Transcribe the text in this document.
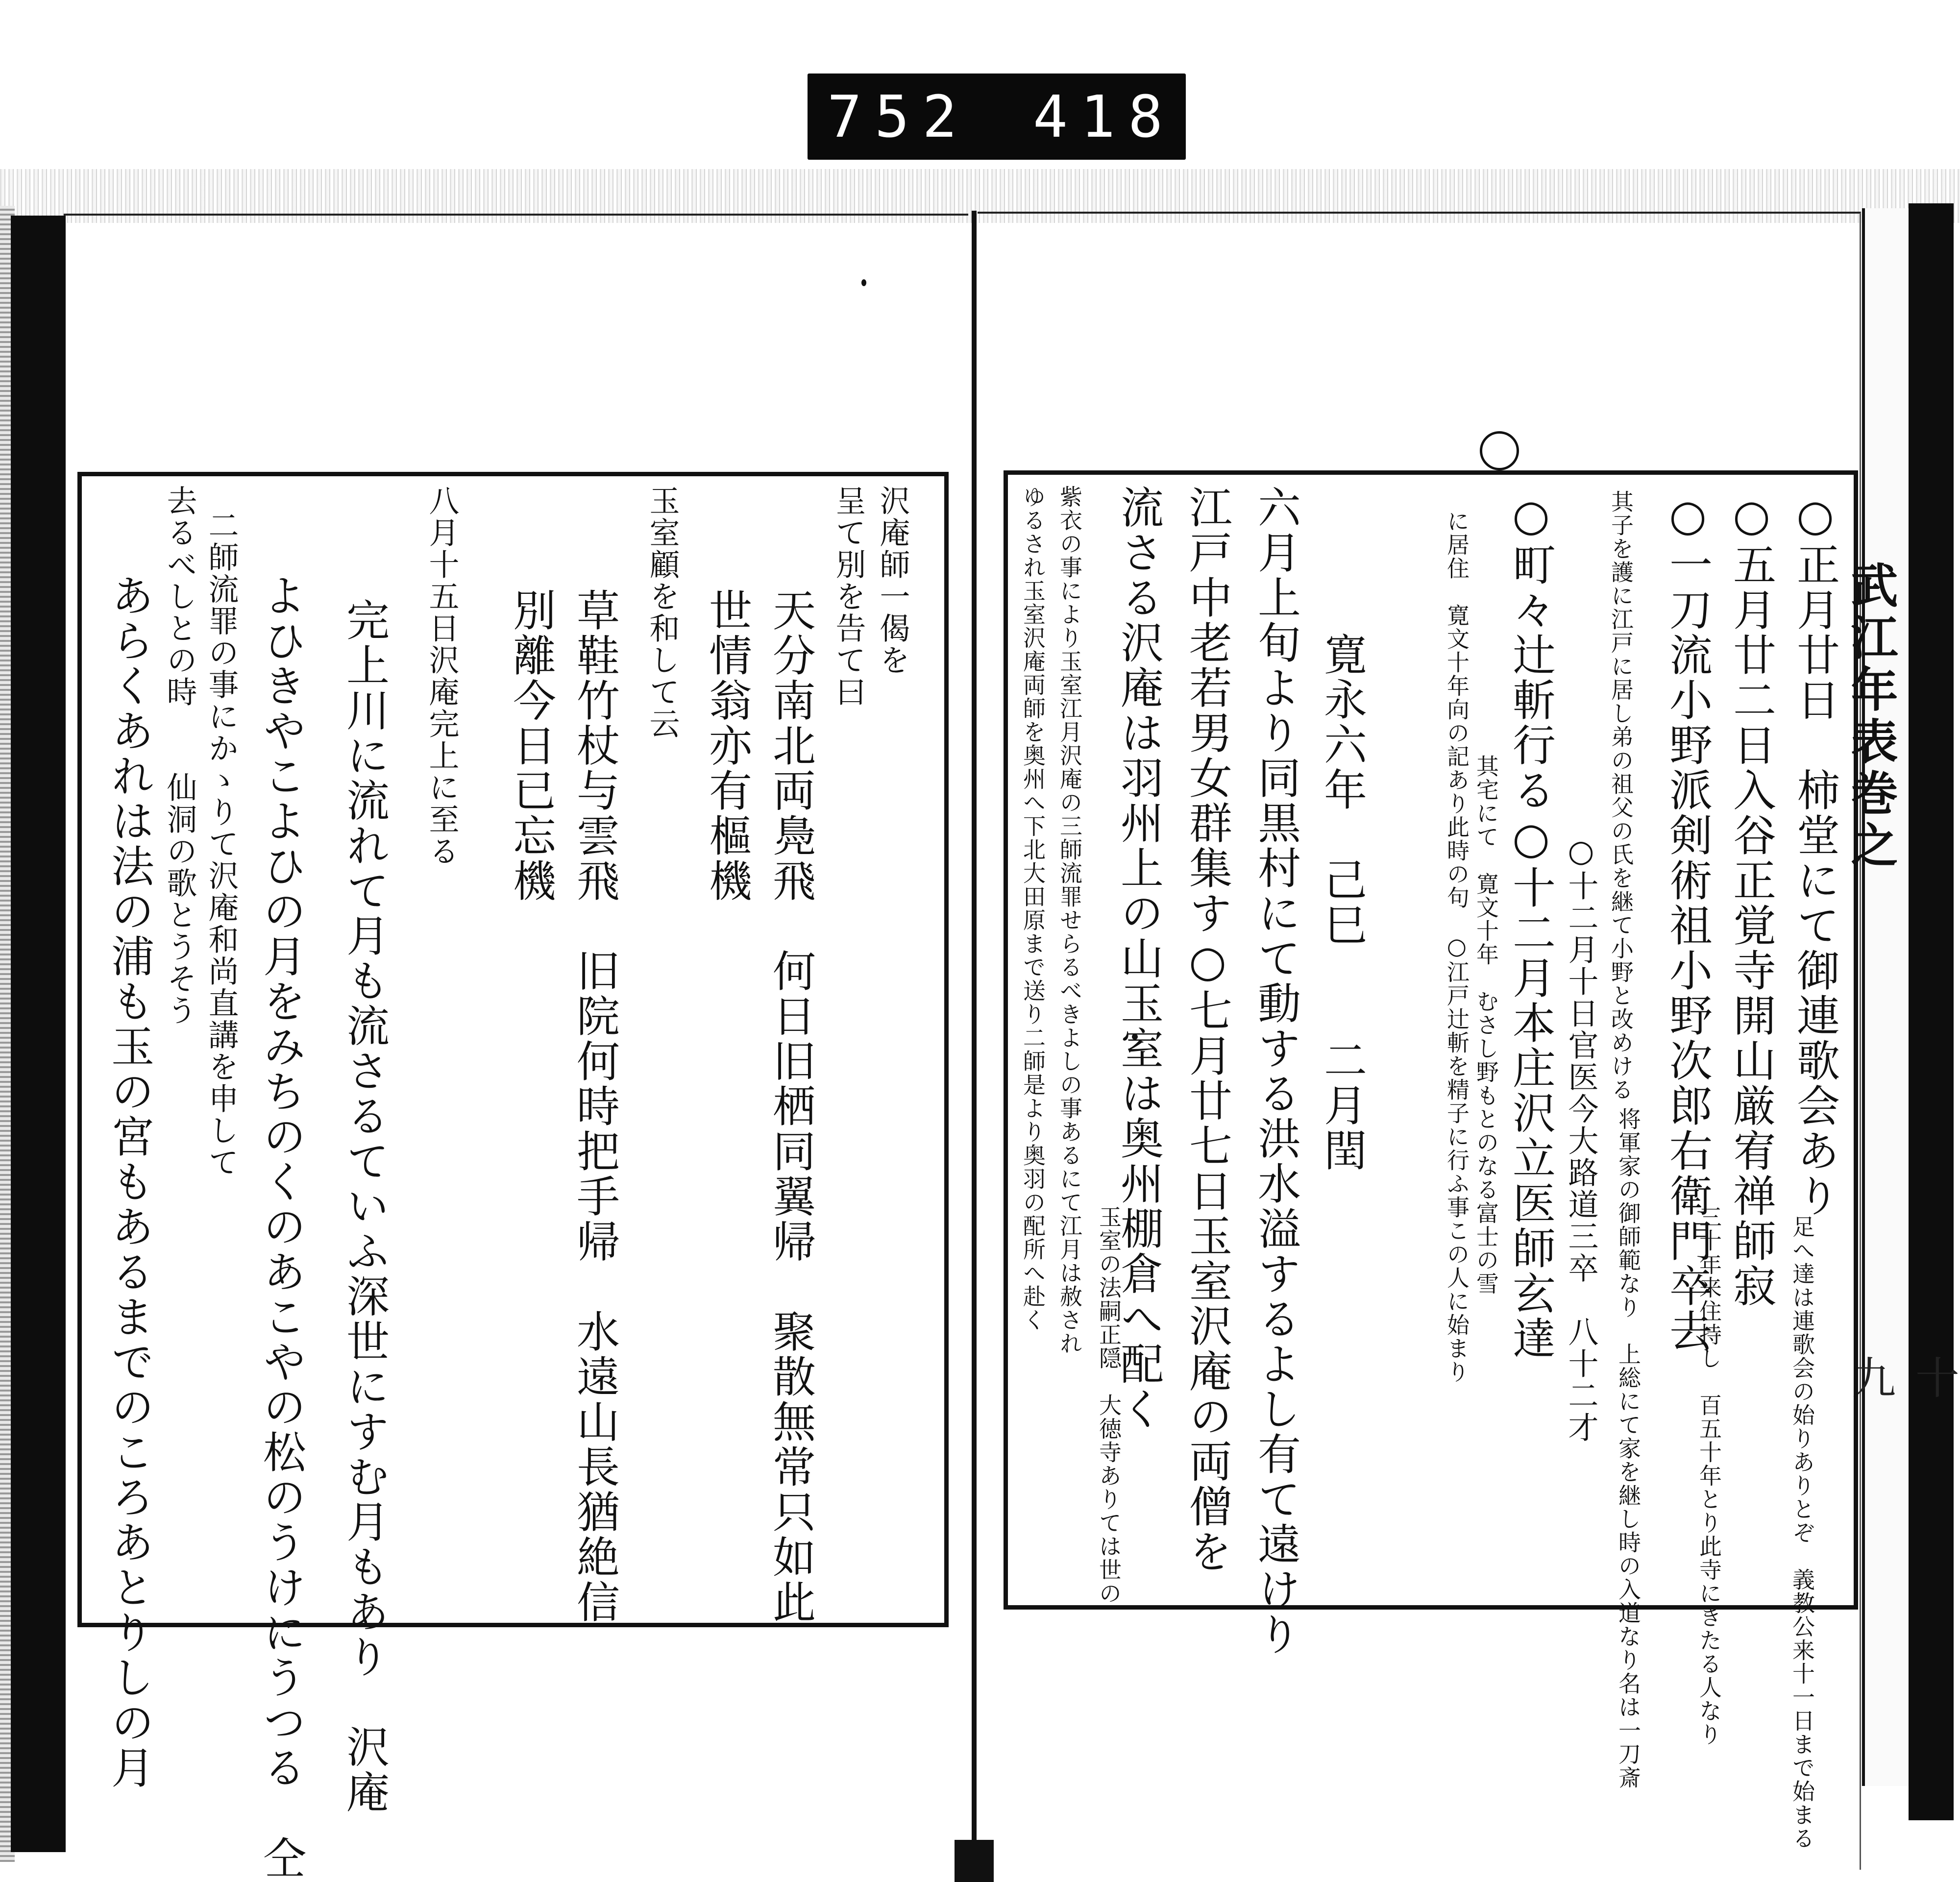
752 418
武江年表巻之
十九
○正月廿日　柿堂にて御連歌会あり
足へ達は連歌会の始りありとぞ　義教公来十一日まで始まる
○五月廿二日入谷正覚寺開山厳宥禅師寂
三十年来住持し　百五十年とり此寺にきたる人なり
○一刀流小野派剣術祖小野次郎右衛門卒去
将軍家の御師範なり　上総にて家を継し時の入道なり名は一刀斎
其子を護に江戸に居し弟の祖父の氏を継て小野と改めける
○十二月十日官医今大路道三卒　八十二才
○町々辻斬行る○十二月本庄沢立医師玄達
其宅にて　寛文十年　むさし野もとのなる富士の雪
に居住　寛文十年向の記あり此時の句　○江戸辻斬を精子に行ふ事この人に始まり
寛永六年　己巳　　二月閏
六月上旬より同黒村にて動する洪水溢するよし有て遠けり
江戸中老若男女群集す○七月廿七日玉室沢庵の両僧を
流さる沢庵は羽州上の山玉室は奥州棚倉へ配く
玉室の法嗣正隠　大徳寺ありては世の
紫衣の事により玉室江月沢庵の三師流罪せらるべきよしの事あるにて江月は赦され
ゆるされ玉室沢庵両師を奥州へ下北大田原まで送り二師是より奥羽の配所へ赴く
沢庵師一偈を
呈て別を告て曰
天分南北両鳧飛　何日旧栖同翼帰　聚散無常只如此
世情翁亦有樞機
玉室顧を和して云
草鞋竹杖与雲飛　旧院何時把手帰　水遠山長猶絶信
別離今日已忘機
八月十五日沢庵完上に至る
完上川に流れて月も流さるていふ深世にすむ月もあり　沢庵
よひきやこよひの月をみちのくのあこやの松のうけにうつる　仝
二師流罪の事にかゝりて沢庵和尚直講を申して
去るべしとの時　　仙洞の歌とうそう
あらくあれは法の浦も玉の宮もあるまでのころあとりしの月
